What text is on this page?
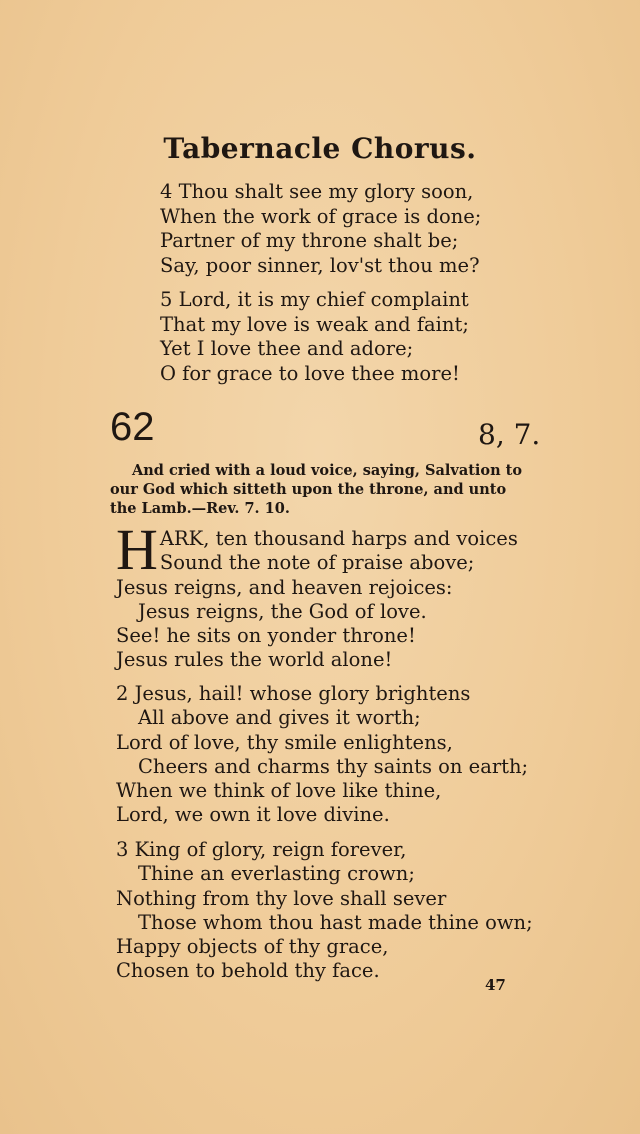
Tabernacle Chorus.
4 Thou shalt see my glory soon,
When the work of grace is done;
Partner of my throne shalt be;
Say, poor sinner, lov'st thou me?
5 Lord, it is my chief complaint
That my love is weak and faint;
Yet I love thee and adore;
O for grace to love thee more!
62	8, 7.
And cried with a loud voice, saying, Salvation to
our God which sitteth upon the throne, and unto
the Lamb.—Rev. 7. 10.
HARK, ten thousand harps and voices
Sound the note of praise above;
Jesus reigns, and heaven rejoices:
Jesus reigns, the God of love.
See! he sits on yonder throne!
Jesus rules the world alone!
2 Jesus, hail! whose glory brightens
All above and gives it worth;
Lord of love, thy smile enlightens,
Cheers and charms thy saints on earth;
When we think of love like thine,
Lord, we own it love divine.
3 King of glory, reign forever,
Thine an everlasting crown;
Nothing from thy love shall sever
Those whom thou hast made thine own;
Happy objects of thy grace,
Chosen to behold thy face.
47
